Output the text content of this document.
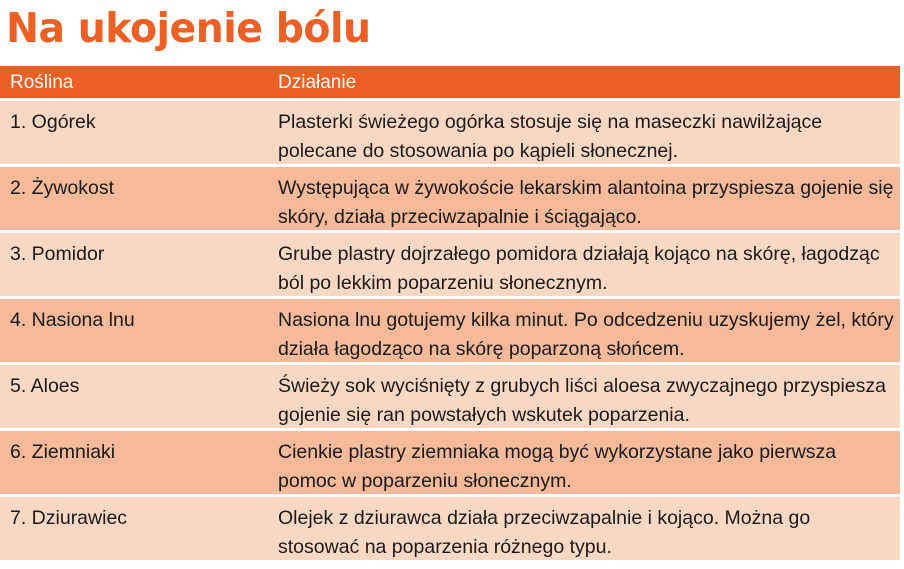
Na ukojenie bólu
Roślina	Działanie
1. Ogórek	Plasterki świeżego ogórka stosuje się na maseczki nawilżające polecane do stosowania po kąpieli słonecznej.
2. Żywokost	Występująca w żywokoście lekarskim alantoina przyspiesza gojenie się skóry, działa przeciwzapalnie i ściągająco.
3. Pomidor	Grube plastry dojrzałego pomidora działają kojąco na skórę, łagodząc ból po lekkim poparzeniu słonecznym.
4. Nasiona lnu	Nasiona lnu gotujemy kilka minut. Po odcedzeniu uzyskujemy żel, który działa łagodząco na skórę poparzoną słońcem.
5. Aloes	Świeży sok wyciśnięty z grubych liści aloesa zwyczajnego przyspiesza gojenie się ran powstałych wskutek poparzenia.
6. Ziemniaki	Cienkie plastry ziemniaka mogą być wykorzystane jako pierwsza pomoc w poparzeniu słonecznym.
7. Dziurawiec	Olejek z dziurawca działa przeciwzapalnie i kojąco. Można go stosować na poparzenia różnego typu.
